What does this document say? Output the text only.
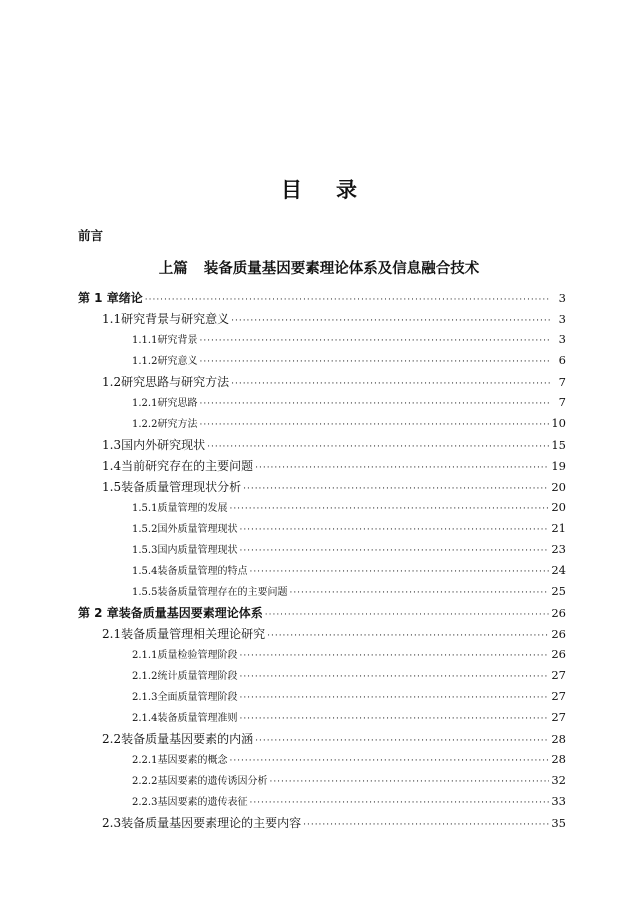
目 录
前言
上篇 装备质量基因要素理论体系及信息融合技术
第 1 章 绪论 ·····	3
1.1 研究背景与研究意义 ·····	3
1.1.1 研究背景 ·····	3
1.1.2 研究意义 ·····	6
1.2 研究思路与研究方法 ·····	7
1.2.1 研究思路 ·····	7
1.2.2 研究方法 ·····	10
1.3 国内外研究现状 ·····	15
1.4 当前研究存在的主要问题 ·····	19
1.5 装备质量管理现状分析 ·····	20
1.5.1 质量管理的发展 ·····	20
1.5.2 国外质量管理现状 ·····	21
1.5.3 国内质量管理现状 ·····	23
1.5.4 装备质量管理的特点 ·····	24
1.5.5 装备质量管理存在的主要问题 ·····	25
第 2 章 装备质量基因要素理论体系 ·····	26
2.1 装备质量管理相关理论研究 ·····	26
2.1.1 质量检验管理阶段 ·····	26
2.1.2 统计质量管理阶段 ·····	27
2.1.3 全面质量管理阶段 ·····	27
2.1.4 装备质量管理准则 ·····	27
2.2 装备质量基因要素的内涵 ·····	28
2.2.1 基因要素的概念 ·····	28
2.2.2 基因要素的遗传诱因分析 ·····	32
2.2.3 基因要素的遗传表征 ·····	33
2.3 装备质量基因要素理论的主要内容 ·····	35
